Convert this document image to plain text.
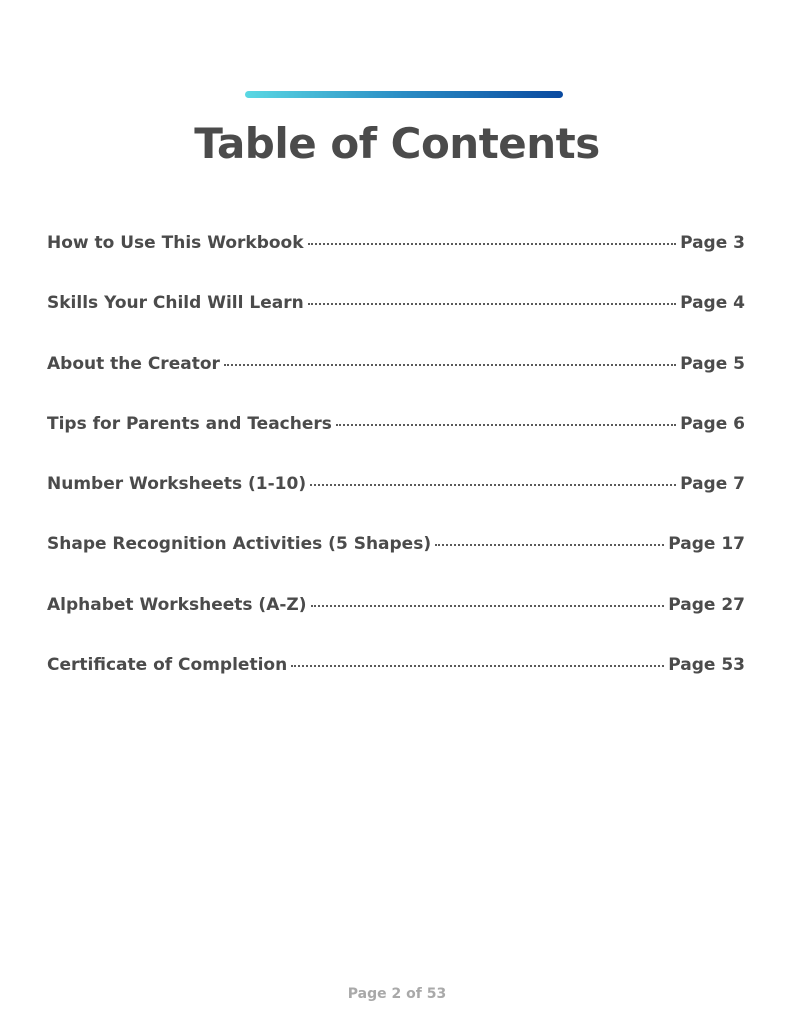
Table of Contents
How to Use This Workbook	Page 3
Skills Your Child Will Learn	Page 4
About the Creator	Page 5
Tips for Parents and Teachers	Page 6
Number Worksheets (1-10)	Page 7
Shape Recognition Activities (5 Shapes)	Page 17
Alphabet Worksheets (A-Z)	Page 27
Certificate of Completion	Page 53
Page 2 of 53
